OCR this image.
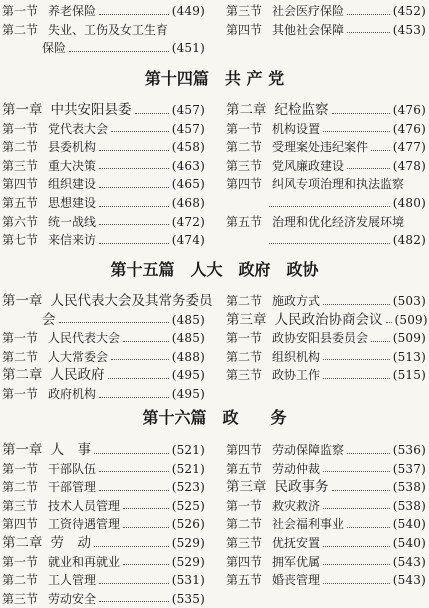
第一节 养老保险	(449)
第二节 失业、工伤及女工生育
保险	(451)
第三节 社会医疗保险	(452)
第四节 其他社会保障	(453)
第十四篇　共 产 党
第一章 中共安阳县委	(457)
第一节 党代表大会	(457)
第二节 县委机构	(458)
第三节 重大决策	(463)
第四节 组织建设	(465)
第五节 思想建设	(468)
第六节 统一战线	(472)
第七节 来信来访	(474)
第二章 纪检监察	(476)
第一节 机构设置	(476)
第二节 受理案处违纪案件 (477)
第三节 党风廉政建设	(478)
第四节 纠风专项治理和执法监察
(480)
第五节 治理和优化经济发展环境
(482)
第十五篇　人大　政府　政协
第一章 人民代表大会及其常务委员
会	(485)
第一节 人民代表大会	(485)
第二节 人大常委会	(488)
第二章 人民政府	(495)
第一节 政府机构	(495)
第二节 施政方式	(503)
第三章 人民政治协商会议 (509)
第一节 政协安阳县委员会 (509)
第二节 组织机构	(513)
第三节 政协工作	(515)
第十六篇　政　　务
第一章 人　事	(521)
第一节 干部队伍	(521)
第二节 干部管理	(523)
第三节 技术人员管理	(525)
第四节 工资待遇管理	(526)
第二章 劳　动	(529)
第一节 就业和再就业	(529)
第二节 工人管理	(531)
第三节 劳动安全	(535)
第四节 劳动保障监察	(536)
第五节 劳动仲裁	(537)
第三章 民政事务	(538)
第一节 救灾救济	(538)
第二节 社会福利事业	(540)
第三节 优抚安置	(540)
第四节 拥军优属	(543)
第五节 婚丧管理	(543)
